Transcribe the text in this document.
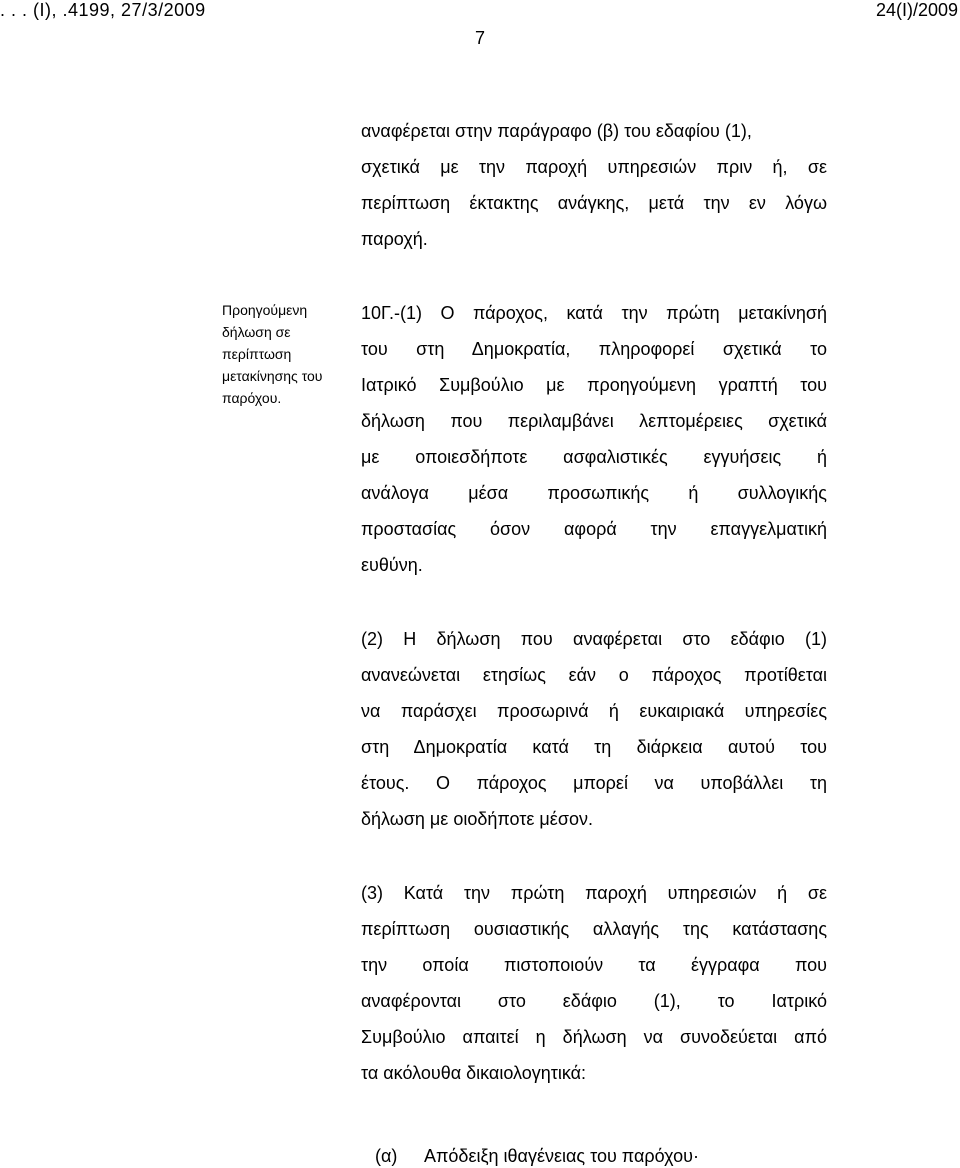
. . . (Ι), .4199, 27/3/2009	24(Ι)/2009
7
αναφέρεται στην παράγραφο (β) του εδαφίου (1),
σχετικά με την παροχή υπηρεσιών πριν ή, σε
περίπτωση έκτακτης ανάγκης, μετά την εν λόγω
παροχή.
Προηγούμενη
δήλωση σε
περίπτωση
μετακίνησης του
παρόχου.
10Γ.-(1) Ο πάροχος, κατά την πρώτη μετακίνησή
του στη Δημοκρατία, πληροφορεί σχετικά το
Ιατρικό Συμβούλιο με προηγούμενη γραπτή του
δήλωση που περιλαμβάνει λεπτομέρειες σχετικά
με οποιεσδήποτε ασφαλιστικές εγγυήσεις ή
ανάλογα μέσα προσωπικής ή συλλογικής
προστασίας όσον αφορά την επαγγελματική
ευθύνη.
(2) Η δήλωση που αναφέρεται στο εδάφιο (1)
ανανεώνεται ετησίως εάν ο πάροχος προτίθεται
να παράσχει προσωρινά ή ευκαιριακά υπηρεσίες
στη Δημοκρατία κατά τη διάρκεια αυτού του
έτους. Ο πάροχος μπορεί να υποβάλλει τη
δήλωση με οιοδήποτε μέσον.
(3) Κατά την πρώτη παροχή υπηρεσιών ή σε
περίπτωση ουσιαστικής αλλαγής της κατάστασης
την οποία πιστοποιούν τα έγγραφα που
αναφέρονται στο εδάφιο (1), το Ιατρικό
Συμβούλιο απαιτεί η δήλωση να συνοδεύεται από
τα ακόλουθα δικαιολογητικά:
(α) Απόδειξη ιθαγένειας του παρόχου·
